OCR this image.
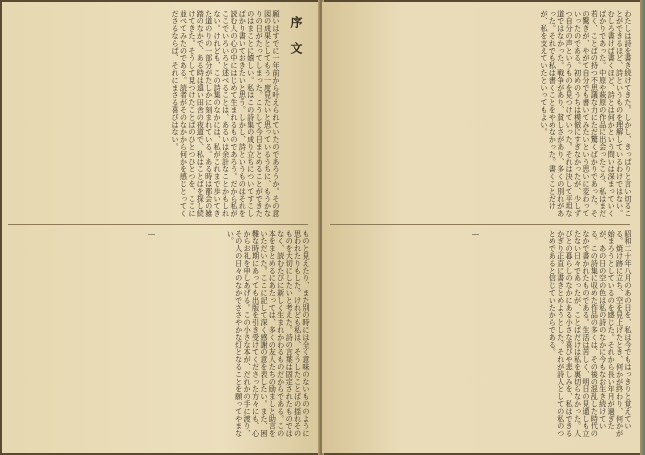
序文
願いはすでに一年前から叶えられていたのであろうか。その意図の成果としてもう一度見たいと思っているうちに、もうかなりの日がたってしまった。こうして今日まとめることができたのはまことに嬉しい。私はこの詩集の成り立ちについてすこしばかり書いておきたいと思う。しかし、詩というものはそれを読む人の心の中にはじめて生まれるものであろう。だから私がここでいろいろと述べることは、あるいは余計なことかもしれない。けれども、この詩集のなかには、私がこれまで歩いてきた道のりの一部分がたしかに刻まれている。ある時は都会の雑踏のなかで、ある時は遠い田舎の夜道で、私はことばを探し続けてきた。そうして見つけたことばのひとつひとつを、ここに並べてみたのである。読者がそのなかから何かを感じとってくださるならば、それにまさる喜びはない。
ものと見えたり、また別の時には全く意味のないもののように思われたりもした。けれども私は、そうしたことばの揺れそのものを大切にしたいと考えた。詩の言葉は固定されたものではなく、読むたびに新しく生まれかわるものだからである。この本をまとめるにあたっては、多くの友人たちの励ましと助言をいただいた。ここに記して深く感謝の意を表したい。また、困難な時期にあっても出版を引き受けてくださった方々にも、心からお礼を申しあげる。この小さな本が、だれかの手に渡り、その人の日々のなかでささやかな灯となることを願ってやまない。
―
わたしは詩を書き続けてきた。しかし、きっぱりと言い切ることができるほど、詩というものを理解しているわけではない。むしろ書けば書くほど、詩とは何かという問いは深まっていくばかりであった。中原や萩原の作品に出会ったころ、私はまだ若く、ことばの持つ不思議な力にただ驚くばかりであった。その驚きが、やがて自分でも書いてみたいという思いに変わっていったのである。初めのうちは模倣にすぎなかったが、少しずつ自分の声というものを見つけていった。それは決して平坦な道ではなかった。戦争があり、貧しさがあり、多くの別れがあった。それでも私は書くことをやめなかった。書くことだけが、私を支えていたといってもよい。
昭和二十年八月のあの日を、私は今でもはっきりと覚えている。焼け跡に立ち、空を見上げたとき、何かが終わり、何かが始まろうとしているのを感じた。それから長い年月が過ぎたが、あの日の空の色は私の詩のなかに今もなお生き続けている。この詩集に収めた作品の多くは、その後の混乱した時代のなかで書かれたものである。生活は苦しく、明日の見通しも立たない日々であったが、ことばだけは私を裏切らなかった。人びとの暮らしのなかにある小さな喜びや悲しみを、私はできるかぎり正直に書きとめようとした。それが詩人としての私のつとめであると信じていたからである。
―
